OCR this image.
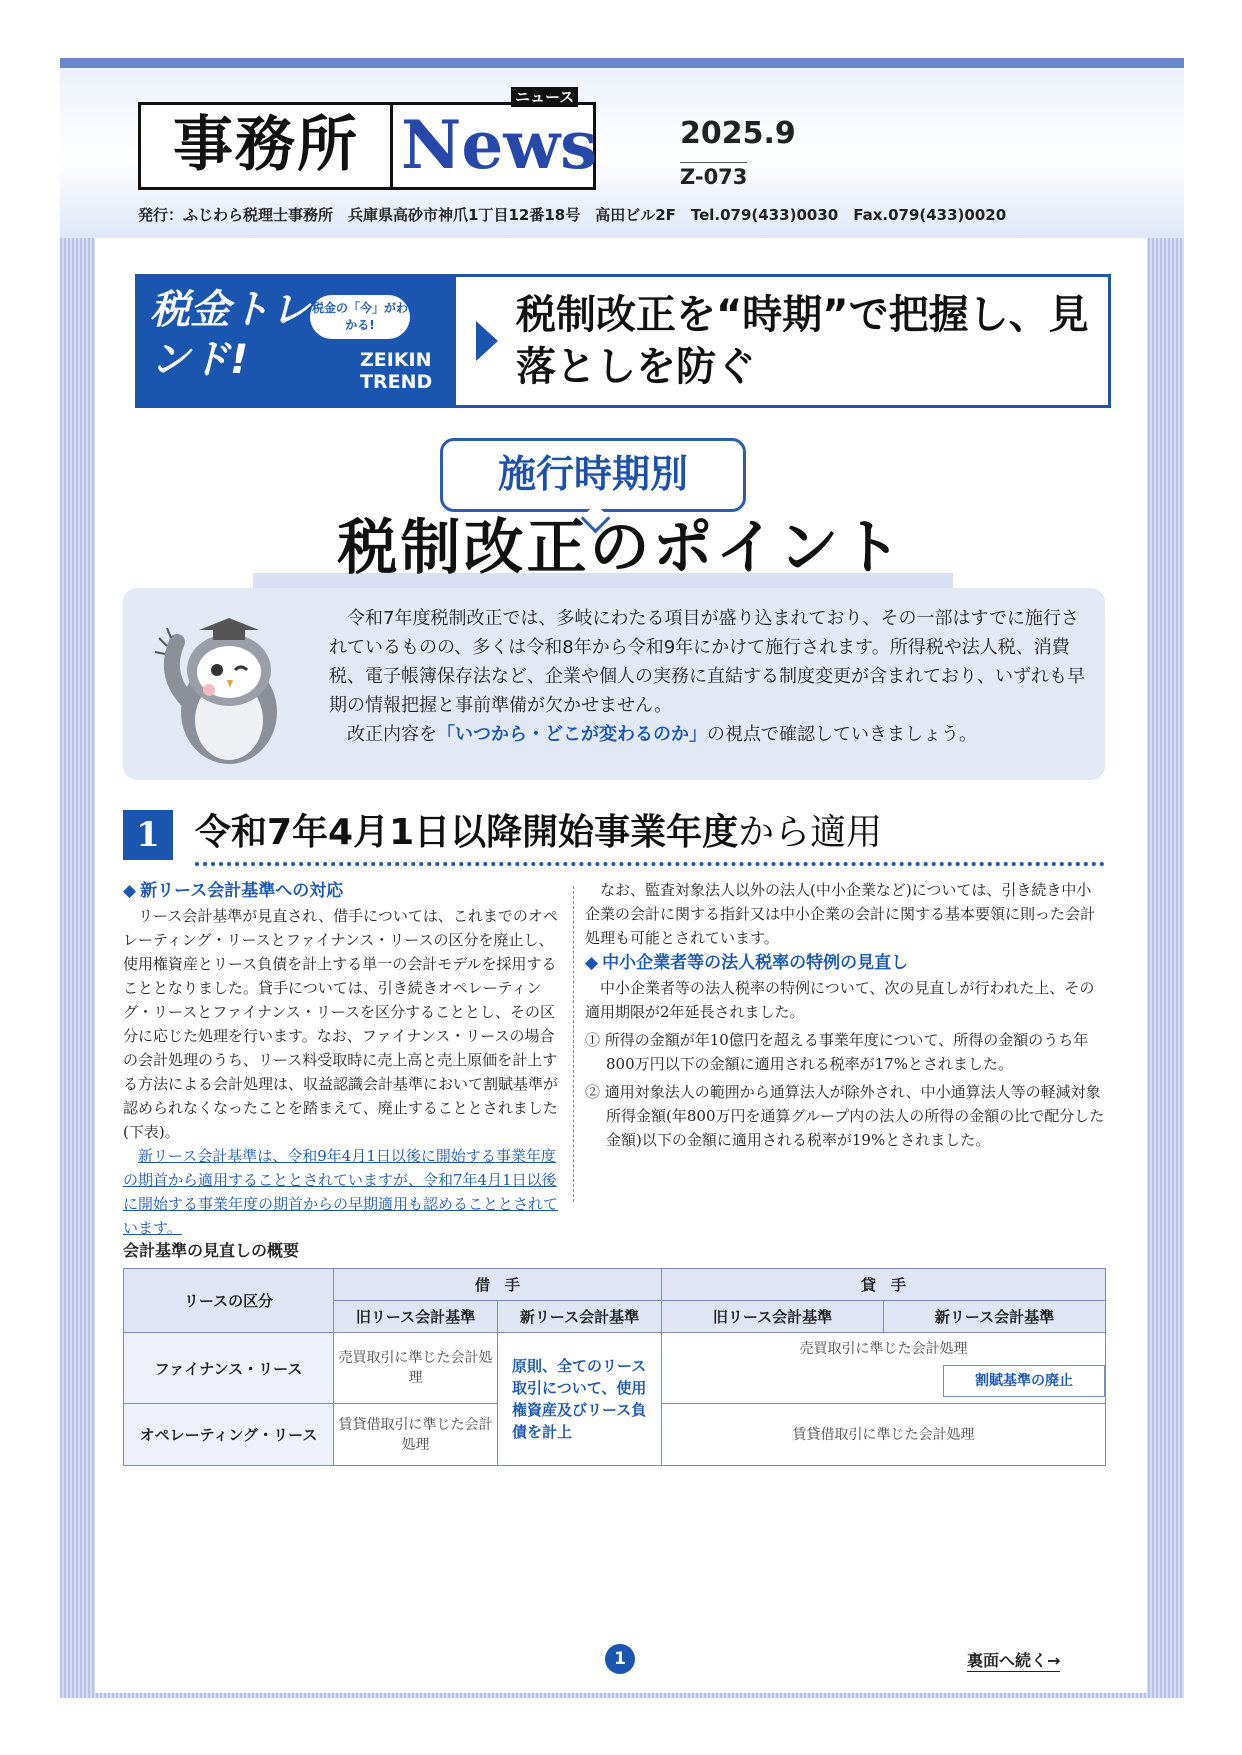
事務所
ニュース
News	2025.9
Z-073
発行：ふじわら税理士事務所　兵庫県高砂市神爪1丁目12番18号　高田ビル2F　Tel.079(433)0030　Fax.079(433)0020
税金トレンド!
税金の「今」がわかる!
ZEIKIN TREND
税制改正を“時期”で把握し、見落としを防ぐ
施行時期別
税制改正のポイント

令和7年度税制改正では、多岐にわたる項目が盛り込まれており、その一部はすでに施行されているものの、多くは令和8年から令和9年にかけて施行されます。所得税や法人税、消費税、電子帳簿保存法など、企業や個人の実務に直結する制度変更が含まれており、いずれも早期の情報把握と事前準備が欠かせません。

改正内容を「いつから・どこが変わるのか」の視点で確認していきましょう。

1 令和7年4月1日以降開始事業年度から適用
◆ 新リース会計基準への対応

リース会計基準が見直され、借手については、これまでのオペレーティング・リースとファイナンス・リースの区分を廃止し、使用権資産とリース負債を計上する単一の会計モデルを採用することとなりました。貸手については、引き続きオペレーティング・リースとファイナンス・リースを区分することとし、その区分に応じた処理を行います。なお、ファイナンス・リースの場合の会計処理のうち、リース料受取時に売上高と売上原価を計上する方法による会計処理は、収益認識会計基準において割賦基準が認められなくなったことを踏まえて、廃止することとされました(下表)。

新リース会計基準は、令和9年4月1日以後に開始する事業年度の期首から適用することとされていますが、令和7年4月1日以後に開始する事業年度の期首からの早期適用も認めることとされています。

なお、監査対象法人以外の法人(中小企業など)については、引き続き中小企業の会計に関する指針又は中小企業の会計に関する基本要領に則った会計処理も可能とされています。

◆ 中小企業者等の法人税率の特例の見直し

中小企業者等の法人税率の特例について、次の見直しが行われた上、その適用期限が2年延長されました。

① 所得の金額が年10億円を超える事業年度について、所得の金額のうち年800万円以下の金額に適用される税率が17%とされました。

② 適用対象法人の範囲から通算法人が除外され、中小通算法人等の軽減対象所得金額(年800万円を通算グループ内の法人の所得の金額の比で配分した金額)以下の金額に適用される税率が19%とされました。

会計基準の見直しの概要
リースの区分	借　手		貸　手	
	旧リース会計基準	新リース会計基準	旧リース会計基準	新リース会計基準
ファイナンス・リース	売買取引に準じた会計処理	原則、全てのリース取引について、使用権資産及びリース負債を計上	売買取引に準じた会計処理
割賦基準の廃止	

オペレーティング・リース	賃貸借取引に準じた会計処理		賃貸借取引に準じた会計処理	
1	裏面へ続く→
